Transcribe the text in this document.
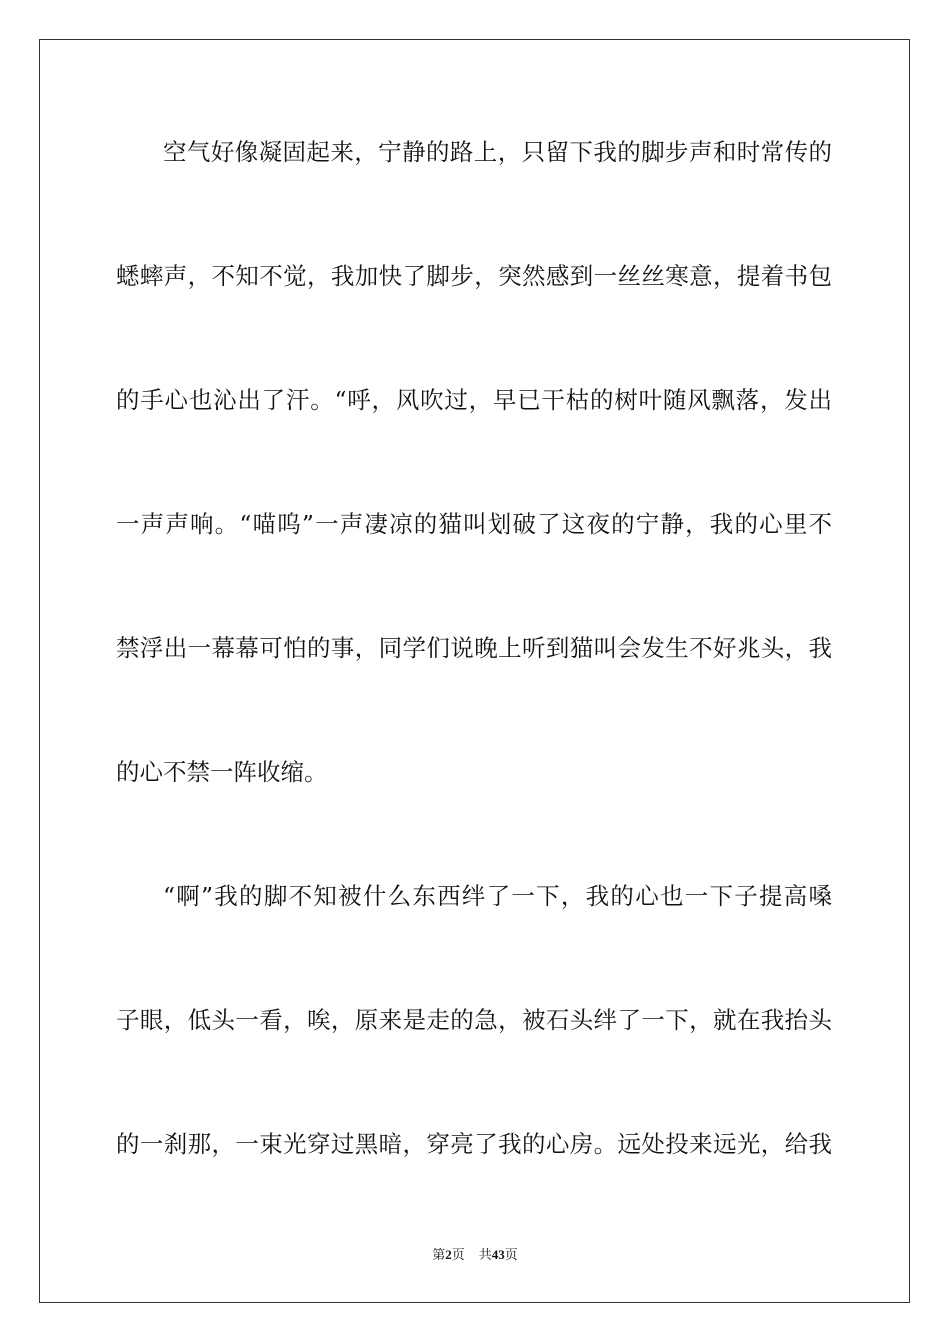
空气好像凝固起来，宁静的路上，只留下我的脚步声和时常传的
蟋蟀声，不知不觉，我加快了脚步，突然感到一丝丝寒意，提着书包
的手心也沁出了汗。“呼，风吹过，早已干枯的树叶随风飘落，发出
一声声响。“喵呜”一声凄凉的猫叫划破了这夜的宁静，我的心里不
禁浮出一幕幕可怕的事，同学们说晚上听到猫叫会发生不好兆头，我
的心不禁一阵收缩。
“啊”我的脚不知被什么东西绊了一下，我的心也一下子提高嗓
子眼，低头一看，唉，原来是走的急，被石头绊了一下，就在我抬头
的一刹那，一束光穿过黑暗，穿亮了我的心房。远处投来远光，给我
第2页 共43页
